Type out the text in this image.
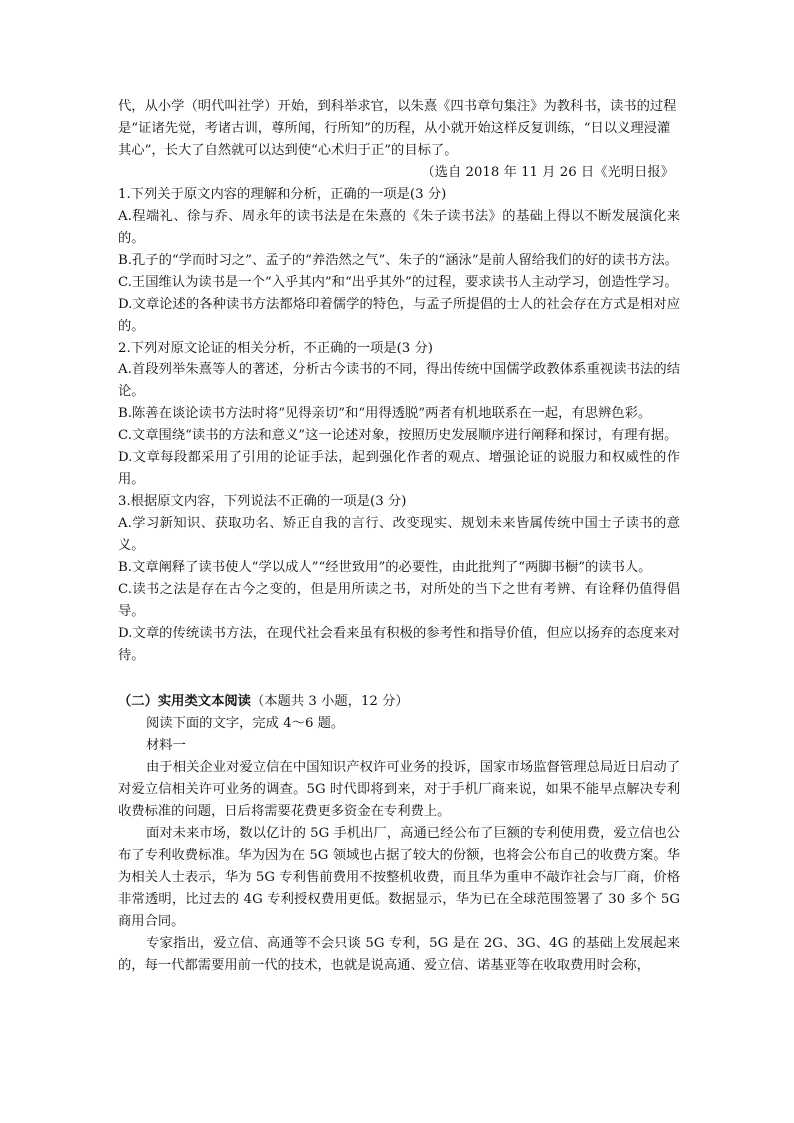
代，从小学（明代叫社学）开始，到科举求官，以朱熹《四书章句集注》为教科书，读书的过程是“证诸先觉，考诸古训，尊所闻，行所知”的历程，从小就开始这样反复训练，“日以义理浸灌其心”，长大了自然就可以达到使“心术归于正”的目标了。

（选自 2018 年 11 月 26 日《光明日报》

1.下列关于原文内容的理解和分析，正确的一项是(3 分)

A.程端礼、徐与乔、周永年的读书法是在朱熹的《朱子读书法》的基础上得以不断发展演化来的。

B.孔子的“学而时习之”、孟子的“养浩然之气”、朱子的“涵泳”是前人留给我们的好的读书方法。

C.王国维认为读书是一个“入乎其内”和“出乎其外”的过程，要求读书人主动学习，创造性学习。

D.文章论述的各种读书方法都烙印着儒学的特色，与孟子所提倡的士人的社会存在方式是相对应的。

2.下列对原文论证的相关分析，不正确的一项是(3 分)

A.首段列举朱熹等人的著述，分析古今读书的不同，得出传统中国儒学政教体系重视读书法的结论。

B.陈善在谈论读书方法时将“见得亲切”和“用得透脱”两者有机地联系在一起，有思辨色彩。

C.文章围绕“读书的方法和意义”这一论述对象，按照历史发展顺序进行阐释和探讨，有理有据。

D.文章每段都采用了引用的论证手法，起到强化作者的观点、增强论证的说服力和权威性的作用。

3.根据原文内容，下列说法不正确的一项是(3 分)

A.学习新知识、获取功名、矫正自我的言行、改变现实、规划未来皆属传统中国士子读书的意义。

B.文章阐释了读书使人“学以成人”“经世致用”的必要性，由此批判了“两脚书橱”的读书人。

C.读书之法是存在古今之变的，但是用所读之书，对所处的当下之世有考辨、有诠释仍值得倡导。

D.文章的传统读书方法，在现代社会看来虽有积极的参考性和指导价值，但应以扬弃的态度来对待。

（二）实用类文本阅读（本题共 3 小题，12 分）

阅读下面的文字，完成 4～6 题。

材料一

由于相关企业对爱立信在中国知识产权许可业务的投诉，国家市场监督管理总局近日启动了对爱立信相关许可业务的调查。5G 时代即将到来，对于手机厂商来说，如果不能早点解决专利收费标准的问题，日后将需要花费更多资金在专利费上。

面对未来市场，数以亿计的 5G 手机出厂，高通已经公布了巨额的专利使用费，爱立信也公布了专利收费标准。华为因为在 5G 领域也占据了较大的份额，也将会公布自己的收费方案。华为相关人士表示，华为 5G 专利售前费用不按整机收费，而且华为重申不敲诈社会与厂商，价格非常透明，比过去的 4G 专利授权费用更低。数据显示，华为已在全球范围签署了 30 多个 5G 商用合同。

专家指出，爱立信、高通等不会只谈 5G 专利，5G 是在 2G、3G、4G 的基础上发展起来的，每一代都需要用前一代的技术，也就是说高通、爱立信、诺基亚等在收取费用时会称，
